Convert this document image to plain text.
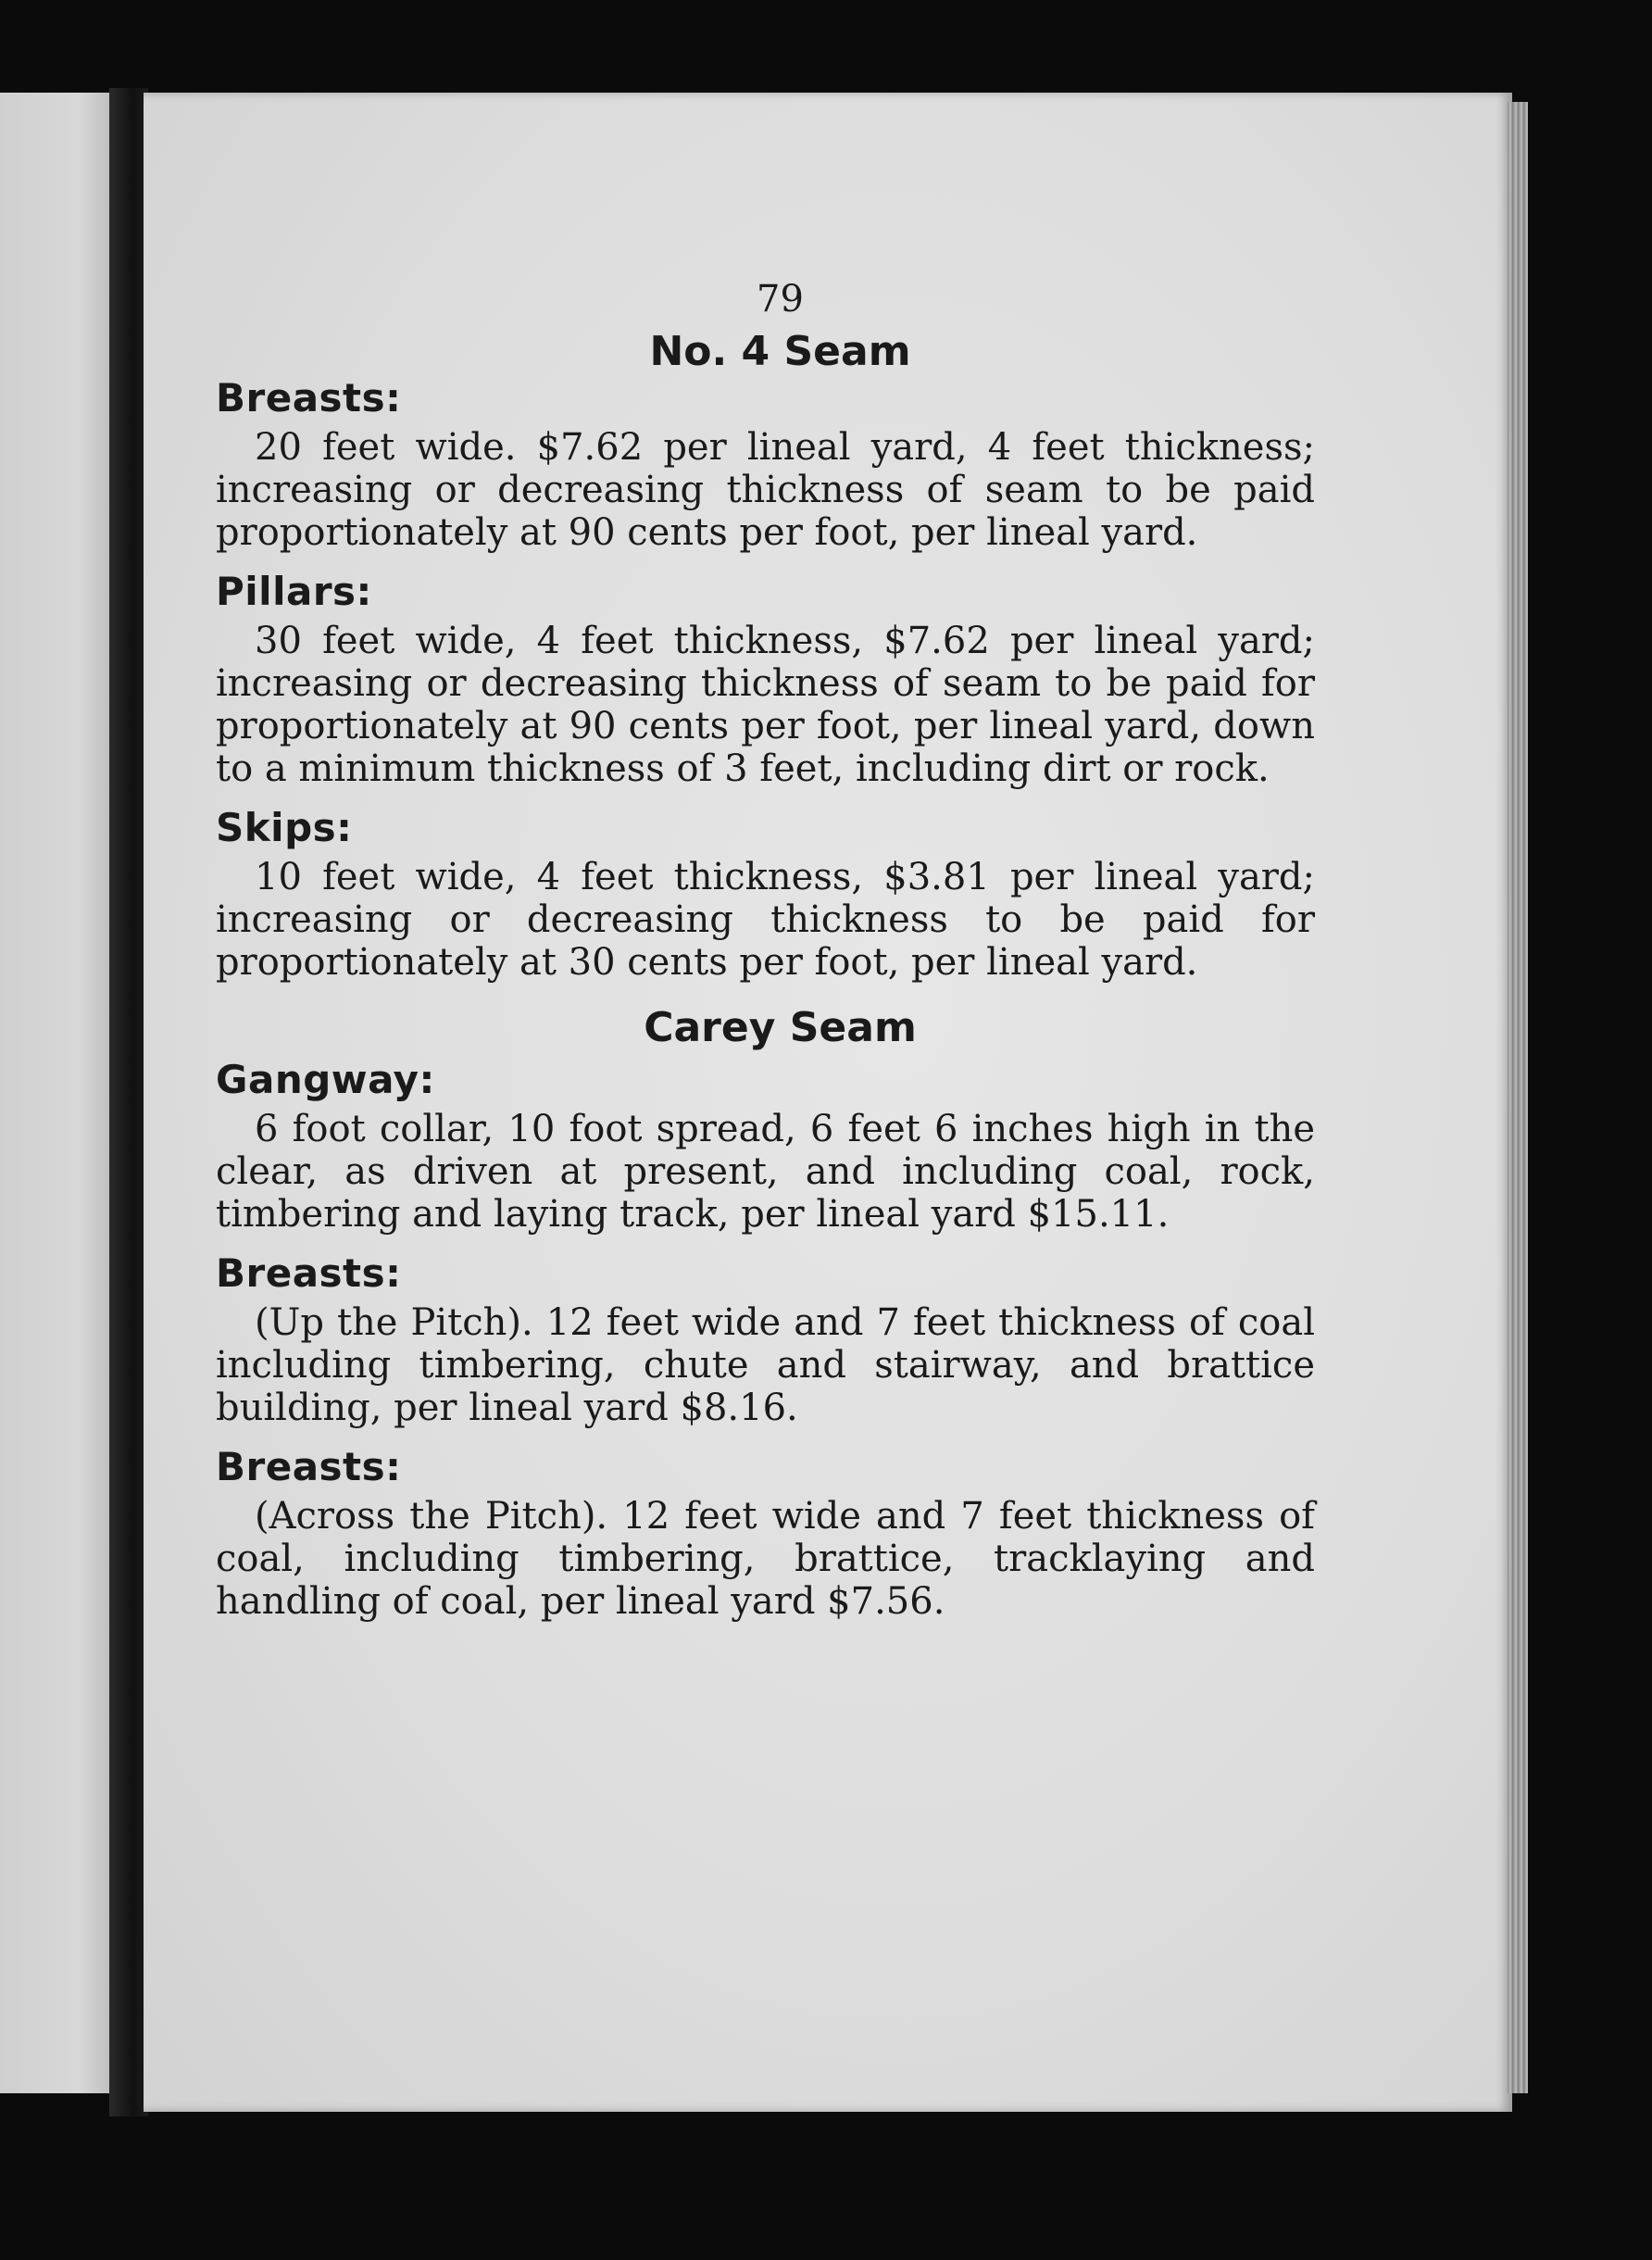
79
No. 4 Seam
Breasts:

20 feet wide. $7.62 per lineal yard, 4 feet thickness; increasing or decreasing thickness of seam to be paid proportionately at 90 cents per foot, per lineal yard.

Pillars:

30 feet wide, 4 feet thickness, $7.62 per lineal yard; increasing or decreasing thickness of seam to be paid for proportionately at 90 cents per foot, per lineal yard, down to a minimum thickness of 3 feet, including dirt or rock.

Skips:

10 feet wide, 4 feet thickness, $3.81 per lineal yard; increasing or decreasing thickness to be paid for proportionately at 30 cents per foot, per lineal yard.

Carey Seam
Gangway:

6 foot collar, 10 foot spread, 6 feet 6 inches high in the clear, as driven at present, and including coal, rock, timbering and laying track, per lineal yard $15.11.

Breasts:

(Up the Pitch). 12 feet wide and 7 feet thickness of coal including timbering, chute and stairway, and brattice building, per lineal yard $8.16.

Breasts:

(Across the Pitch). 12 feet wide and 7 feet thickness of coal, including timbering, brattice, tracklaying and handling of coal, per lineal yard $7.56.
